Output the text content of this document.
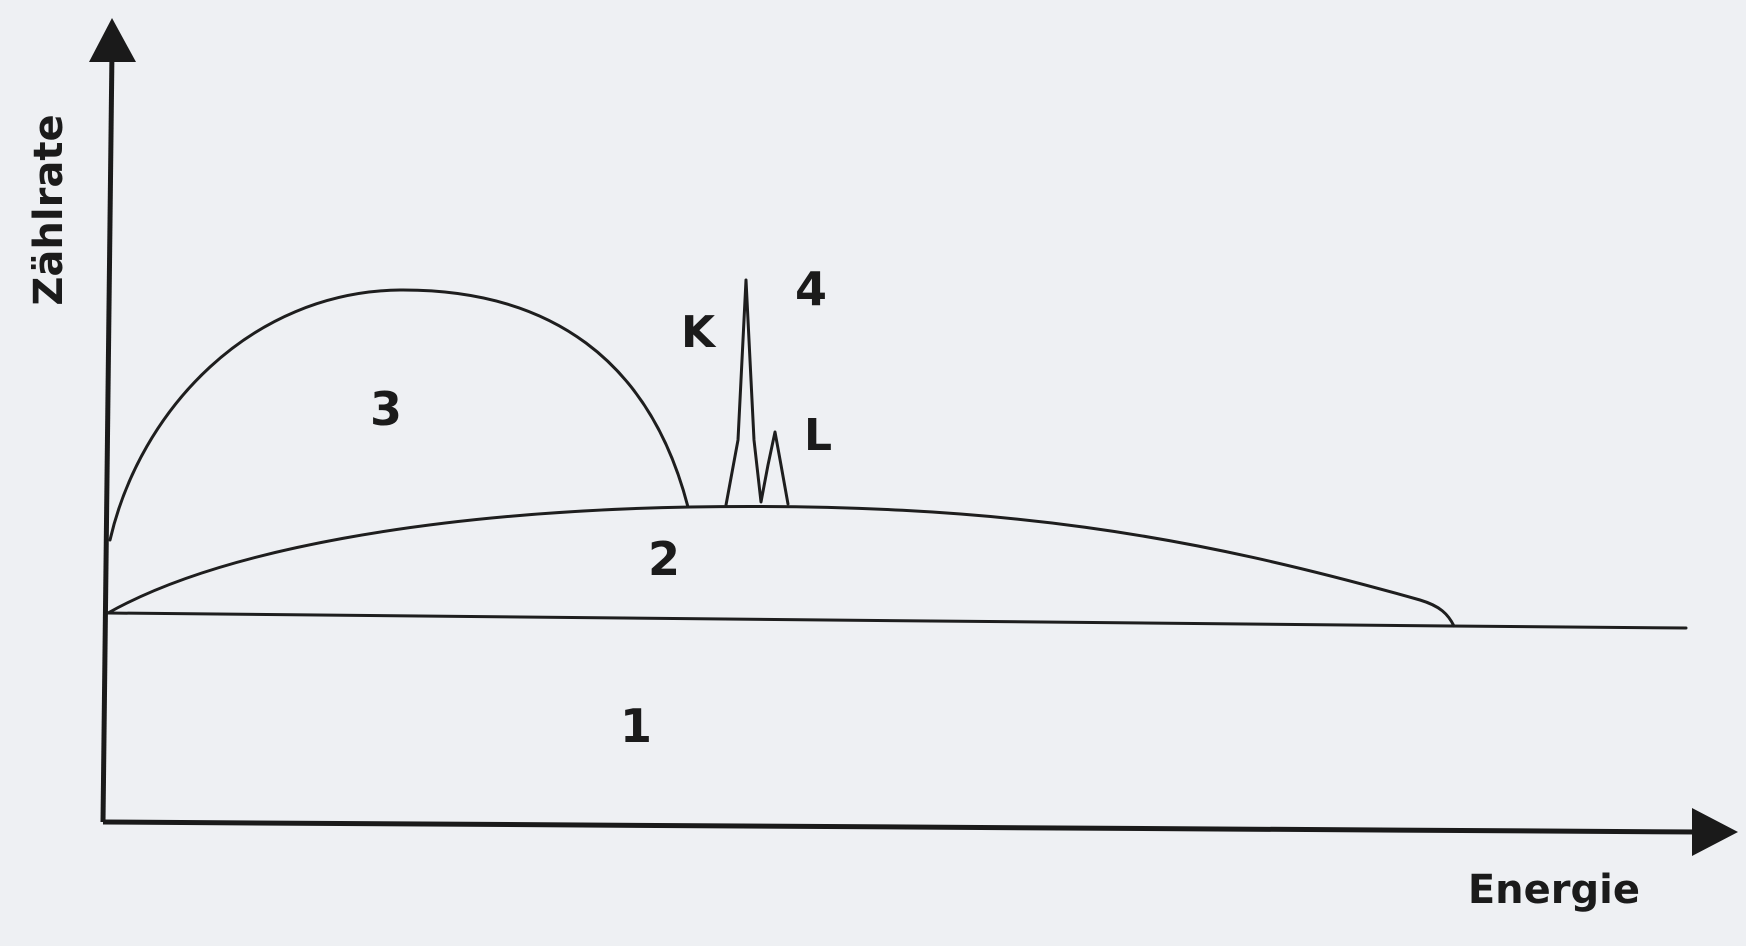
Zählrate
Energie
3
2
1
4
K
L
